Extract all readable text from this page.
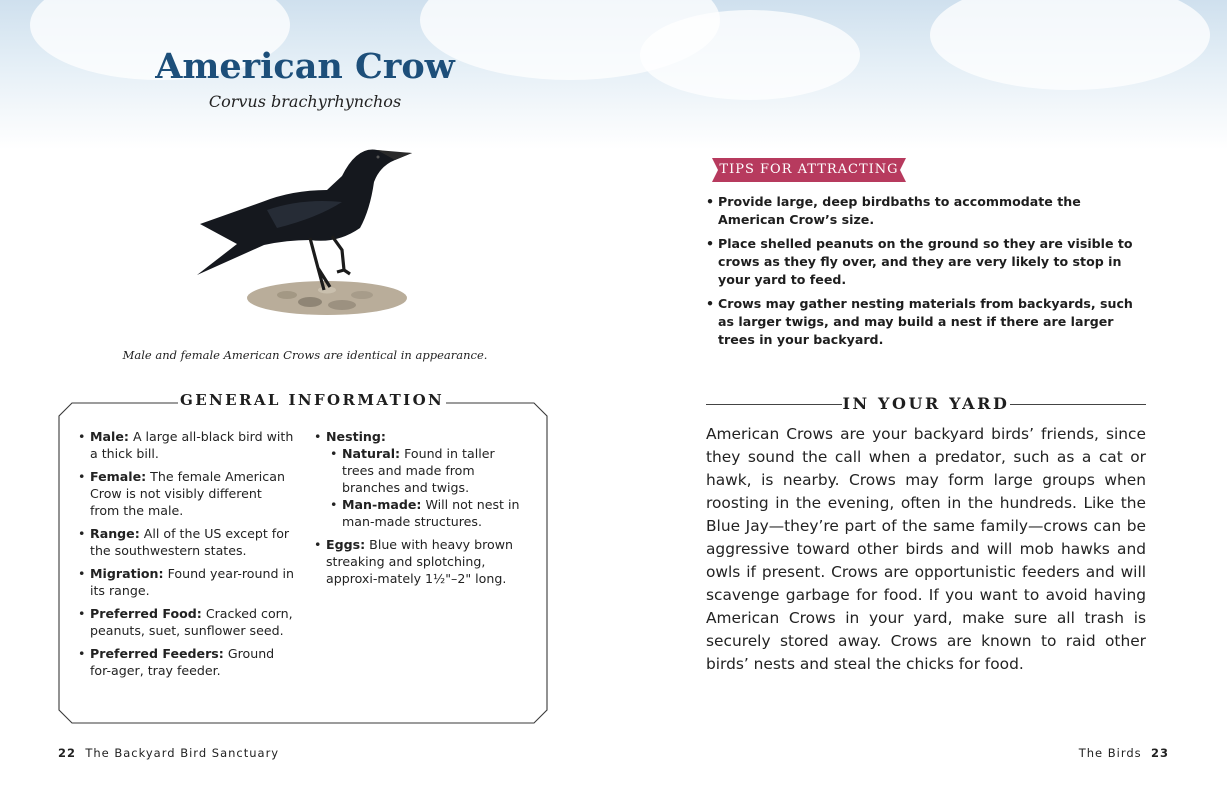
American Crow
Corvus brachyrhynchos
Male and female American Crows are identical in appearance.
GENERAL INFORMATION
• Male: A large all-black bird with a thick bill.
• Female: The female American Crow is not visibly different from the male.
• Range: All of the US except for the southwestern states.
• Migration: Found year-round in its range.
• Preferred Food: Cracked corn, peanuts, suet, sunflower seed.
• Preferred Feeders: Ground for-ager, tray feeder.
• Nesting:
• Natural: Found in taller trees and made from branches and twigs.
• Man-made: Will not nest in man-made structures.
• Eggs: Blue with heavy brown streaking and splotching, approxi-mately 1½"–2" long.
22 The Backyard Bird Sanctuary
TIPS FOR ATTRACTING
• Provide large, deep birdbaths to accommodate the American Crow’s size.
• Place shelled peanuts on the ground so they are visible to crows as they fly over, and they are very likely to stop in your yard to feed.
• Crows may gather nesting materials from backyards, such as larger twigs, and may build a nest if there are larger trees in your backyard.
IN YOUR YARD

American Crows are your backyard birds’ friends, since they sound the call when a predator, such as a cat or hawk, is nearby. Crows may form large groups when roosting in the evening, often in the hundreds. Like the Blue Jay—they’re part of the same family—crows can be aggressive toward other birds and will mob hawks and owls if present. Crows are opportunistic feeders and will scavenge garbage for food. If you want to avoid having American Crows in your yard, make sure all trash is securely stored away. Crows are known to raid other birds’ nests and steal the chicks for food.

The Birds 23
